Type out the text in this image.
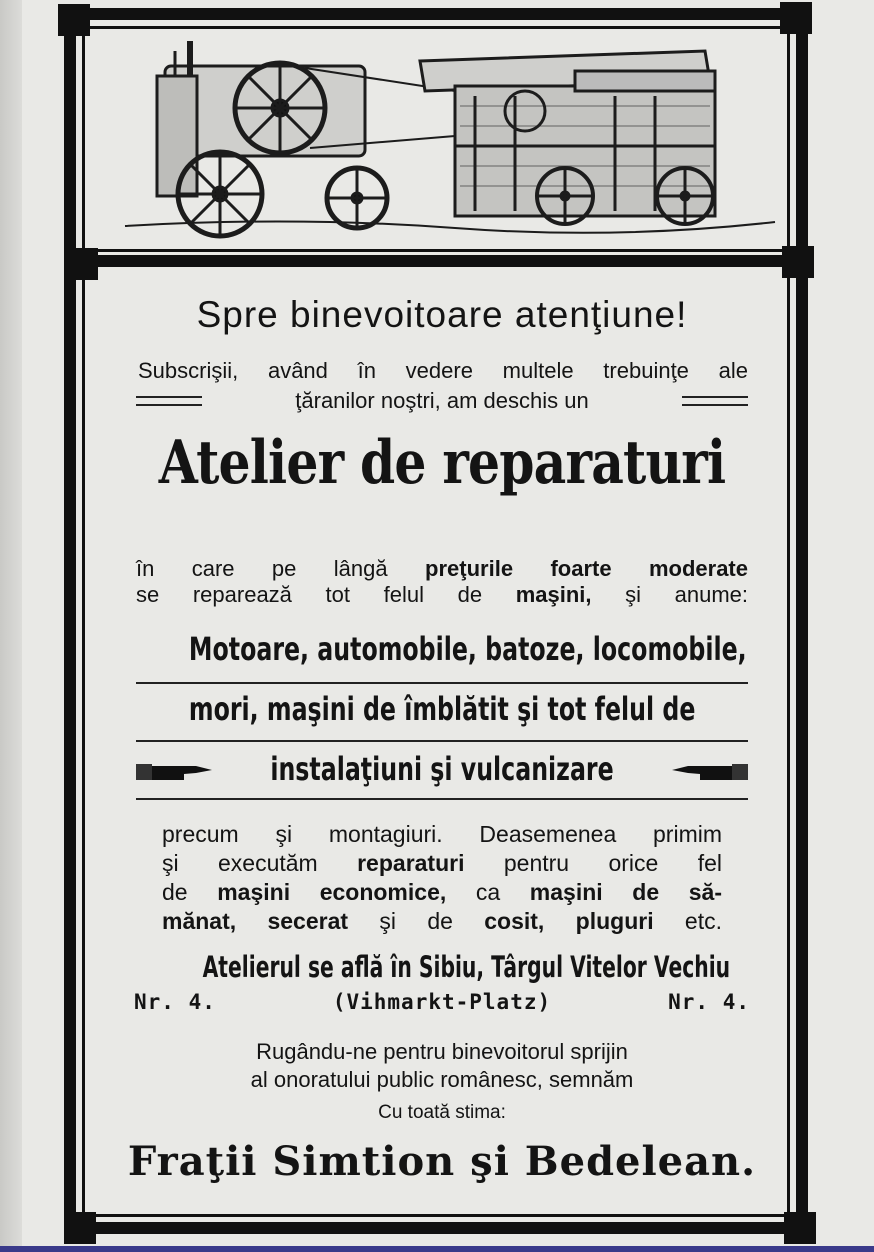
Spre binevoitoare atenţiune!
Subscrişii, având în vedere multele trebuinţe ale
ţăranilor noştri, am deschis un
Atelier de reparaturi
în care pe lângă preţurile foarte moderate
se reparează tot felul de maşini, şi anume:
Motoare, automobile, batoze, locomobile,
mori, maşini de îmblătit şi tot felul de
instalaţiuni şi vulcanizare
precum şi montagiuri. Deasemenea primim
şi executăm reparaturi pentru orice fel
de maşini economice, ca maşini de să-
mănat, secerat şi de cosit, pluguri etc.
Atelierul se află în Sibiu, Târgul Vitelor Vechiu
Nr. 4.	(Vihmarkt-Platz)	Nr. 4.
Rugându-ne pentru binevoitorul sprijin
al onoratului public românesc, semnăm
Cu toată stima:
Fraţii Simtion şi Bedelean.
